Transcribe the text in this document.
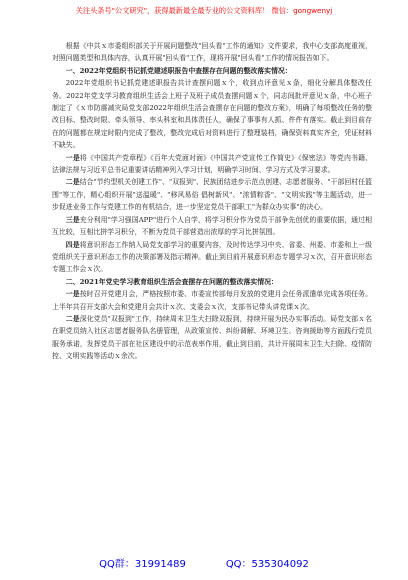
关注头条号"公文研究"，获得最新最全最专业的公文资料库！ 微信：gongwenyj

根据《中共ｘ市委组织部关于开展问题整改"回头看"工作的通知》文件要求，我中心支部高度重视，对照问题类型和具体内容，认真开展"回头看"工作，现将开展"回头看"工作的情况报告如下。

一、2022年党组织书记抓党建述职报告中查摆存在问题的整改落实情况：

2022年党组织书记抓党建述职报告共计查摆问题ｘ个，收到点评意见ｘ条，细化分解具体整改任务。2022年党支学习教育组织生活会上班子及班子成员查摆问题ｘ个，同志间批评意见ｘ条，中心班子制定了《ｘ市防震减灾局党支部2022年组织生活会查摆存在问题的整改方案》，明确了每项整改任务的整改目标、整改时限、牵头领导、率头科室和具体责任人，确保了事事有人抓、件件有落实。截止到目前存在的问题都在规定时限内完成了整改，整改完成后对资料进行了整理装档，确保资料真实齐全，凭证材料不缺失。

一是将《中国共产党章程》《百年大党面对面》《中国共产党宣传工作简史》《保密法》等党内书籍、法律法规与习近平总书记重要讲话精神列入学习计划，明确学习时间、学习方式及学习要求。

二是结合"节约型机关创建工作"、"双报到"、民族团结进步示范点创建、志愿者服务、"干部回村任篮围"等工作，精心组织开展"送温暖"、"移风易俗 倡树新风"、"浓情粽香"、"文明实践"等主题活动，进一步促进业务工作与党建工作的有机结合，进一步坚定党员干部职工"为群众办实事"的决心。

三是充分利用"学习强国APP"进行个人自学，将学习积分作为党员干部争先创优的重要依据，通过相互比较，互相比拼学习积分，不断为党员干部营造出浓厚的学习比拼氛围。

四是将意识形态工作纳入局党支部学习的重要内容，及时传达学习中央、省委、州委、市委和上一级党组织关于意识形态工作的决策部署及指示精神。截止到目前开展意识形态专题学习ｘ次，召开意识形态专题工作会ｘ次。

二、2021年党史学习教育组织生活会查摆存在问题的整改落实情况：

一是按时召开党建月会，严格按照市委、市委宣传部每月发放的党建月会任务派遣单完成各项任务。上半年共召开支部大会和党建月会共计ｘ次、支委会ｘ次，支部书记带头讲党课ｘ次。

二是深化党员"双报到"工作，持续周末卫生大扫除双报到，持续开展为民办实事活动。局党支部ｘ名在职党员纳入社区志愿者服务队名册管理，从政策宣传、纠纷调解、环境卫生、咨询援助等方面践行党员服务承诺，发挥党员干部在社区建设中的示范表率作用，截止到目前，共计开展周末卫生大扫除、疫情防控、文明实践等活动ｘ余次。

QQ群：31991489	QQ：535304092
